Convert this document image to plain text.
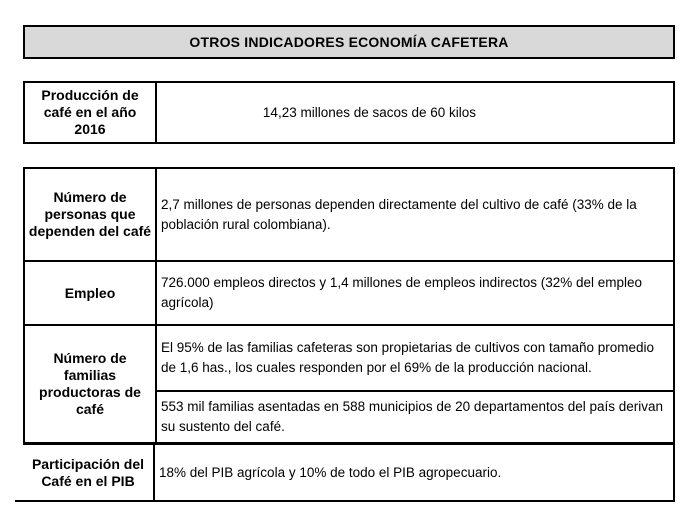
OTROS INDICADORES ECONOMÍA CAFETERA
Producción de café en el año 2016
14,23 millones de sacos de 60 kilos
Número de personas que dependen del café
2,7 millones de personas dependen directamente del cultivo de café (33% de la población rural colombiana).
Empleo
726.000 empleos directos y 1,4 millones de empleos indirectos (32% del empleo agrícola)
Número de familias productoras de café
El 95% de las familias cafeteras son propietarias de cultivos con tamaño promedio de 1,6 has., los cuales responden por el 69% de la producción nacional.
553 mil familias asentadas en 588 municipios de 20 departamentos del país derivan su sustento del café.
Participación del Café en el PIB
18% del PIB agrícola y 10% de todo el PIB agropecuario.
